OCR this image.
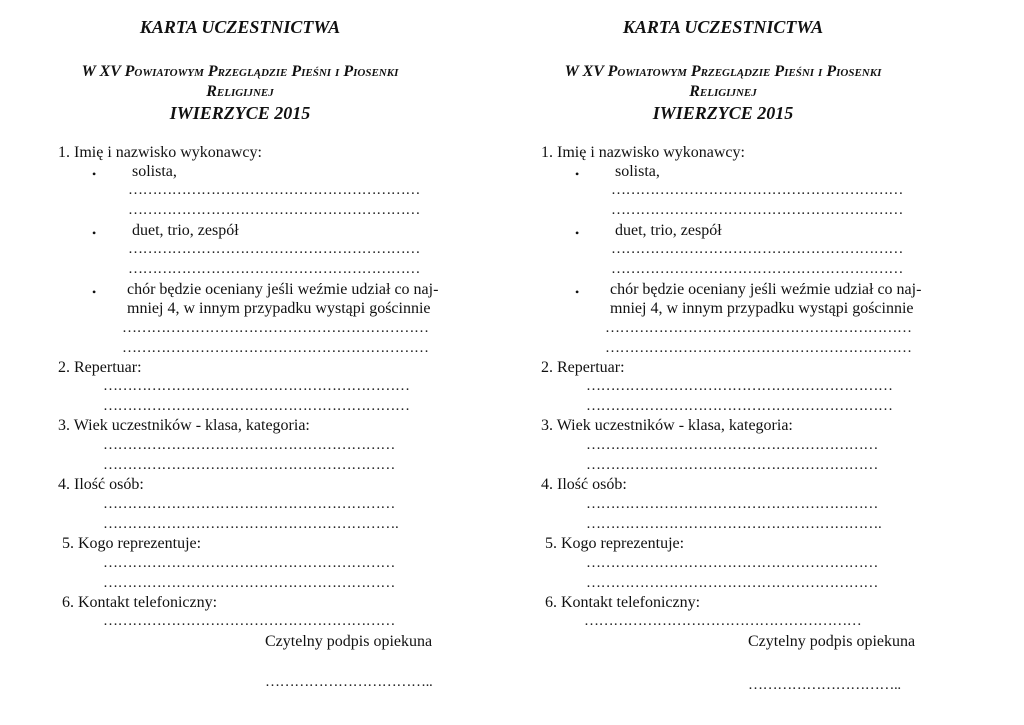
KARTA UCZESTNICTWA
W XV Powiatowym Przeglądzie Pieśni i Piosenki
Religijnej
IWIERZYCE 2015
1. Imię i nazwisko wykonawcy:
• solista,
……………………………………………………
……………………………………………………
• duet, trio, zespół
……………………………………………………
……………………………………………………
• chór będzie oceniany jeśli weźmie udział co naj-
mniej 4, w innym przypadku wystąpi gościnnie
………………………………………………………
………………………………………………………
2. Repertuar:
………………………………………………………
………………………………………………………
3. Wiek uczestników - klasa, kategoria:
……………………………………………………
……………………………………………………
4. Ilość osób:
……………………………………………………
…………………………………………………….
5. Kogo reprezentuje:
……………………………………………………
……………………………………………………
6. Kontakt telefoniczny:
……………………………………………………
Czytelny podpis opiekuna
……………………………..
KARTA UCZESTNICTWA
W XV Powiatowym Przeglądzie Pieśni i Piosenki
Religijnej
IWIERZYCE 2015
1. Imię i nazwisko wykonawcy:
• solista,
……………………………………………………
……………………………………………………
• duet, trio, zespół
……………………………………………………
……………………………………………………
• chór będzie oceniany jeśli weźmie udział co naj-
mniej 4, w innym przypadku wystąpi gościnnie
………………………………………………………
………………………………………………………
2. Repertuar:
………………………………………………………
………………………………………………………
3. Wiek uczestników - klasa, kategoria:
……………………………………………………
……………………………………………………
4. Ilość osób:
……………………………………………………
…………………………………………………….
5. Kogo reprezentuje:
……………………………………………………
……………………………………………………
6. Kontakt telefoniczny:
…………………………………………………
Czytelny podpis opiekuna
…………………………..
